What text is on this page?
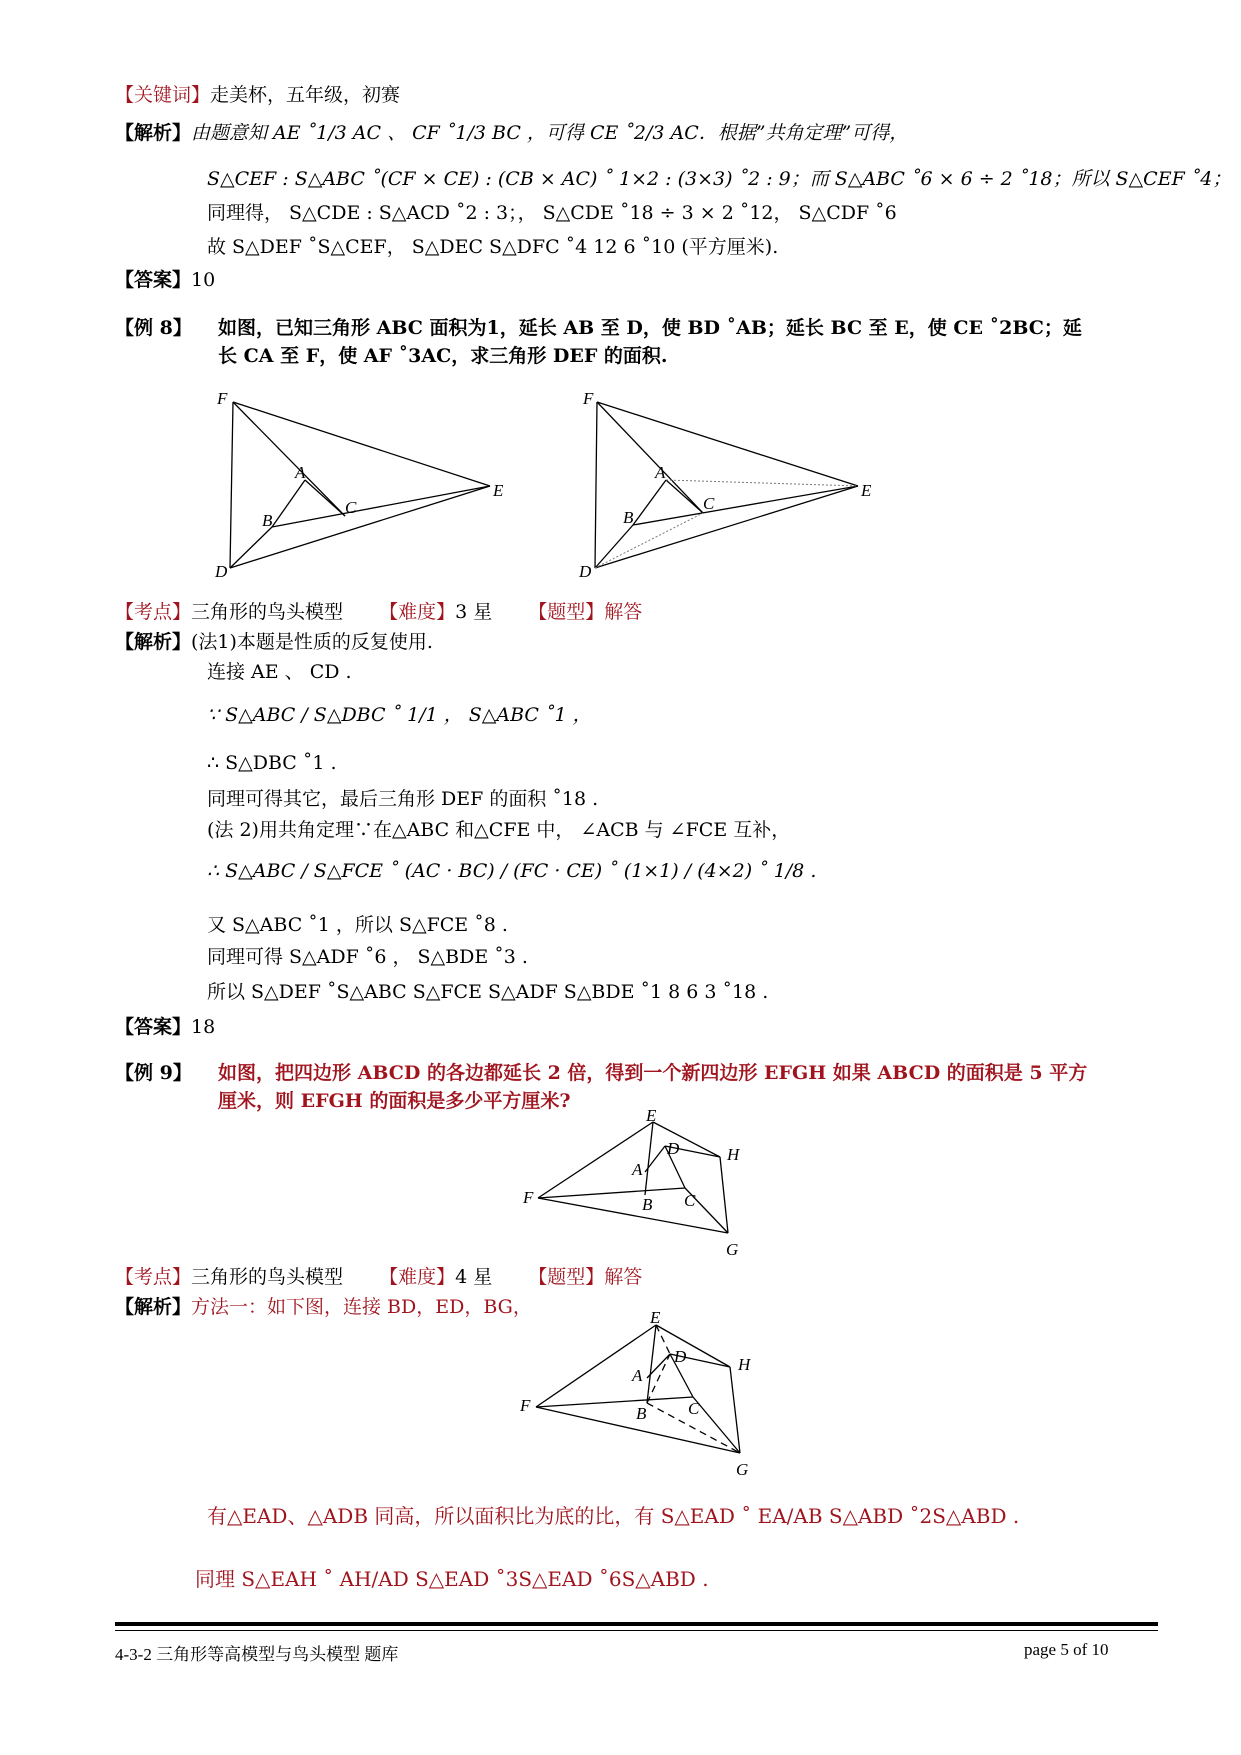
【关键词】走美杯，五年级，初赛
【解析】由题意知 AE ˚1/3 AC 、 CF ˚1/3 BC ，可得 CE ˚2/3 AC．根据”共角定理”可得，
S△CEF : S△ABC ˚(CF × CE) : (CB × AC) ˚ 1×2 : (3×3) ˚2 : 9；而 S△ABC ˚6 × 6 ÷ 2 ˚18；所以 S△CEF ˚4；
同理得， S△CDE : S△ACD ˚2 : 3；， S△CDE ˚18 ÷ 3 × 2 ˚12， S△CDF ˚6
故 S△DEF ˚S△CEF， S△DEC S△DFC ˚4 12 6 ˚10 (平方厘米).
【答案】10
【例 8】 如图，已知三角形 ABC 面积为1，延长 AB 至 D，使 BD ˚AB；延长 BC 至 E，使 CE ˚2BC；延
长 CA 至 F，使 AF ˚3AC，求三角形 DEF 的面积.
F
A
B
C
D
E
F
A
B
C
D
E
【考点】三角形的鸟头模型 【难度】3 星 【题型】解答
【解析】(法1)本题是性质的反复使用.
连接 AE 、 CD .
∵ S△ABC / S△DBC ˚ 1/1 ， S△ABC ˚1 ，
∴ S△DBC ˚1 .
同理可得其它，最后三角形 DEF 的面积 ˚18 .
(法 2)用共角定理∵在△ABC 和△CFE 中， ∠ACB 与 ∠FCE 互补，
∴ S△ABC / S△FCE ˚ (AC · BC) / (FC · CE) ˚ (1×1) / (4×2) ˚ 1/8 .
又 S△ABC ˚1 ，所以 S△FCE ˚8 .
同理可得 S△ADF ˚6 ， S△BDE ˚3 .
所以 S△DEF ˚S△ABC S△FCE S△ADF S△BDE ˚1 8 6 3 ˚18 .
【答案】18
【例 9】 如图，把四边形 ABCD 的各边都延长 2 倍，得到一个新四边形 EFGH 如果 ABCD 的面积是 5 平方
厘米，则 EFGH 的面积是多少平方厘米?
E
F
G
H
A
D
B C
【考点】三角形的鸟头模型 【难度】4 星 【题型】解答
【解析】方法一：如下图，连接 BD，ED，BG，	E
F
G
H
A
D
B C
有△EAD、△ADB 同高，所以面积比为底的比，有 S△EAD ˚ EA/AB S△ABD ˚2S△ABD .
同理 S△EAH ˚ AH/AD S△EAD ˚3S△EAD ˚6S△ABD .
4-3-2 三角形等高模型与鸟头模型 题库	page 5 of 10
